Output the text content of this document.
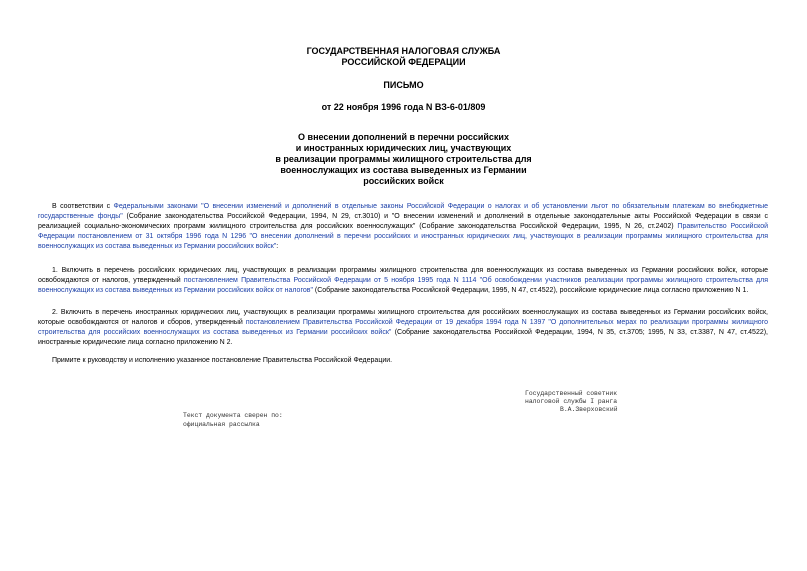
ГОСУДАРСТВЕННАЯ НАЛОГОВАЯ СЛУЖБА
РОССИЙСКОЙ ФЕДЕРАЦИИ
ПИСЬМО
от 22 ноября 1996 года N ВЗ-6-01/809
О внесении дополнений в перечни российских
и иностранных юридических лиц, участвующих
в реализации программы жилищного строительства для
военнослужащих из состава выведенных из Германии
российских войск
В соответствии с Федеральными законами "О внесении изменений и дополнений в отдельные законы Российской Федерации о налогах и об установлении льгот по обязательным платежам во внебюджетные государственные фонды" (Собрание законодательства Российской Федерации, 1994, N 29, ст.3010) и "О внесении изменений и дополнений в отдельные законодательные акты Российской Федерации в связи с реализацией социально-экономических программ жилищного строительства для российских военнослужащих" (Собрание законодательства Российской Федерации, 1995, N 26, ст.2402) Правительство Российской Федерации постановлением от 31 октября 1996 года N 1296 "О внесении дополнений в перечни российских и иностранных юридических лиц, участвующих в реализации программы жилищного строительства для военнослужащих из состава выведенных из Германии российских войск":
1. Включить в перечень российских юридических лиц, участвующих в реализации программы жилищного строительства для военнослужащих из состава выведенных из Германии российских войск, которые освобождаются от налогов, утвержденный постановлением Правительства Российской Федерации от 5 ноября 1995 года N 1114 "Об освобождении участников реализации программы жилищного строительства для военнослужащих из состава выведенных из Германии российских войск от налогов" (Собрание законодательства Российской Федерации, 1995, N 47, ст.4522), российские юридические лица согласно приложению N 1.
2. Включить в перечень иностранных юридических лиц, участвующих в реализации программы жилищного строительства для российских военнослужащих из состава выведенных из Германии российских войск, которые освобождаются от налогов и сборов, утвержденный постановлением Правительства Российской Федерации от 19 декабря 1994 года N 1397 "О дополнительных мерах по реализации программы жилищного строительства для российских военнослужащих из состава выведенных из Германии российских войск" (Собрание законодательства Российской Федерации, 1994, N 35, ст.3705; 1995, N 33, ст.3387, N 47, ст.4522), иностранные юридические лица согласно приложению N 2.
Примите к руководству и исполнению указанное постановление Правительства Российской Федерации.
Государственный советник
налоговой службы I ранга
В.А.Зверховский
Текст документа сверен по:
официальная рассылка
